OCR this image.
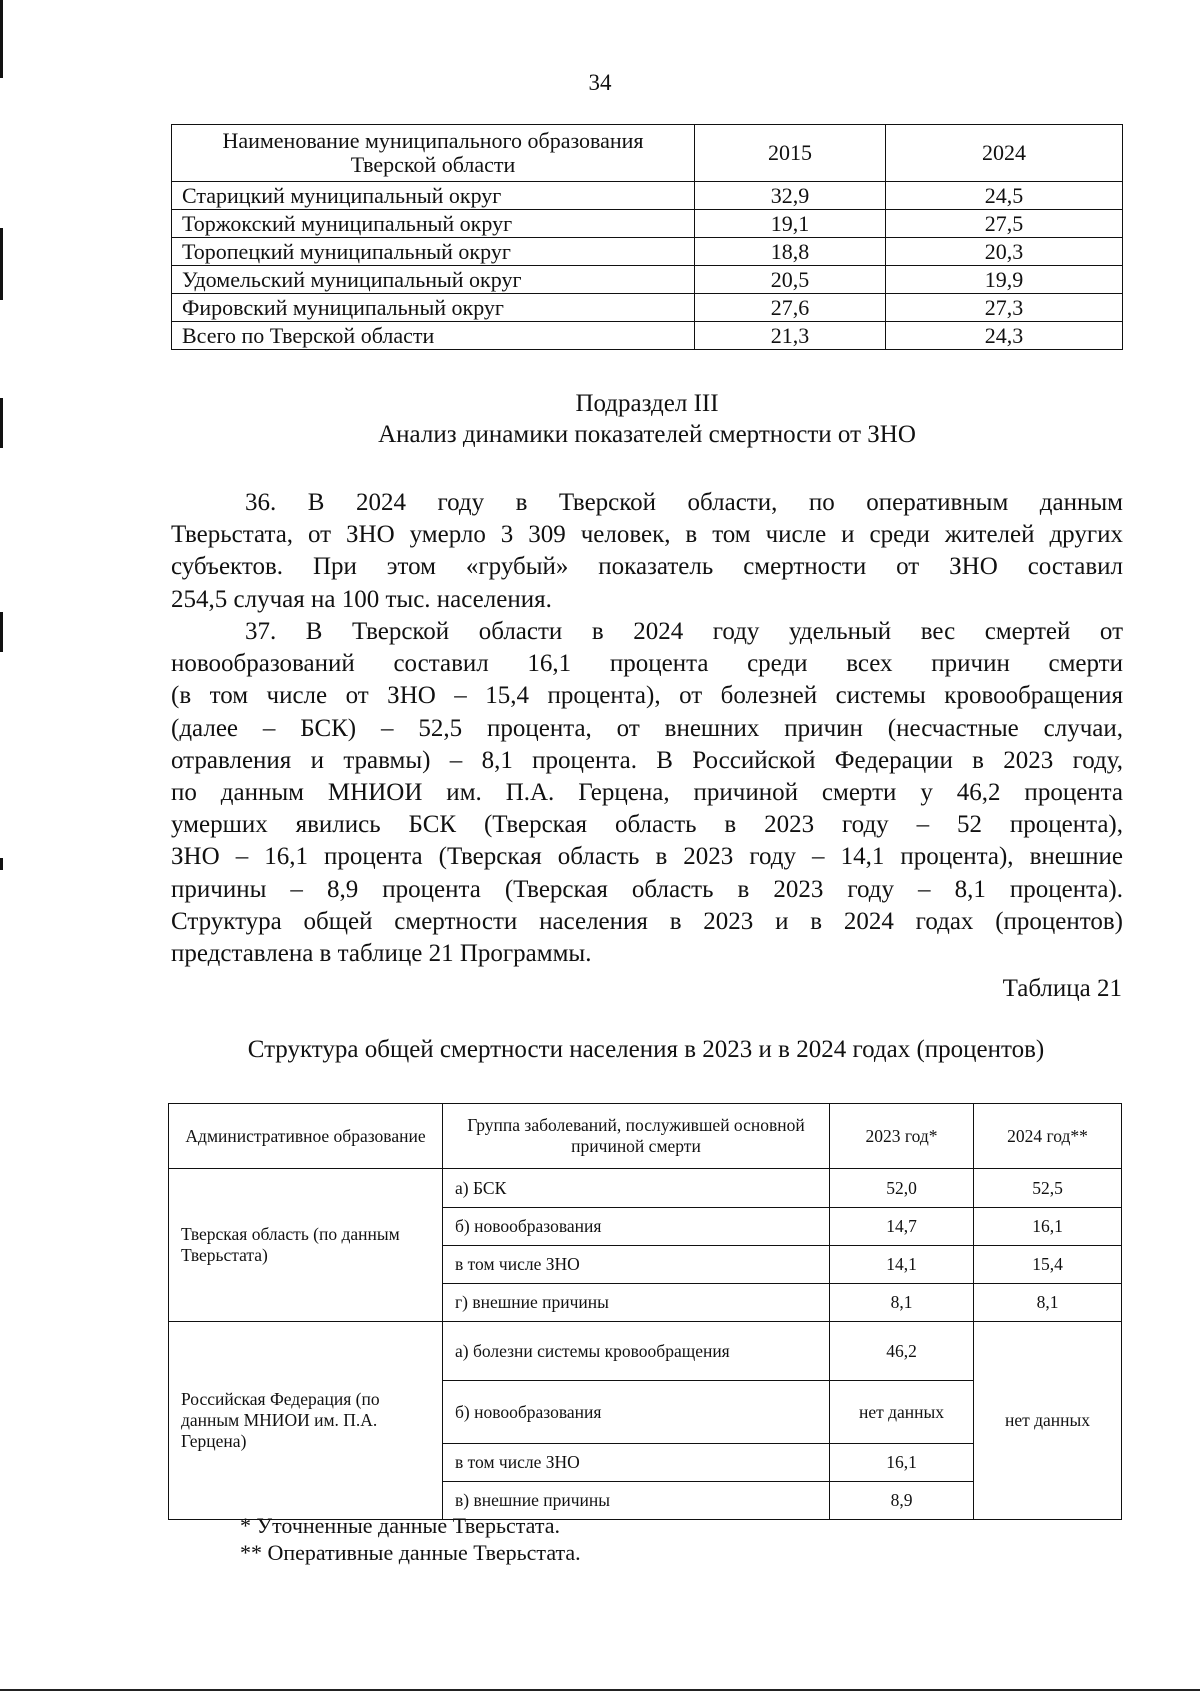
34
Наименование муниципального образования Тверской области	2015	2024
Старицкий муниципальный округ	32,9	24,5
Торжокский муниципальный округ	19,1	27,5
Торопецкий муниципальный округ	18,8	20,3
Удомельский муниципальный округ	20,5	19,9
Фировский муниципальный округ	27,6	27,3
Всего по Тверской области	21,3	24,3
Подраздел III
Анализ динамики показателей смертности от ЗНО
36. В 2024 году в Тверской области, по оперативным данным
Тверьстата, от ЗНО умерло 3 309 человек, в том числе и среди жителей других
субъектов. При этом «грубый» показатель смертности от ЗНО составил
254,5 случая на 100 тыс. населения.
37. В Тверской области в 2024 году удельный вес смертей от
новообразований составил 16,1 процента среди всех причин смерти
(в том числе от ЗНО – 15,4 процента), от болезней системы кровообращения
(далее – БСК) – 52,5 процента, от внешних причин (несчастные случаи,
отравления и травмы) – 8,1 процента. В Российской Федерации в 2023 году,
по данным МНИОИ им. П.А. Герцена, причиной смерти у 46,2 процента
умерших явились БСК (Тверская область в 2023 году – 52 процента),
ЗНО – 16,1 процента (Тверская область в 2023 году – 14,1 процента), внешние
причины – 8,9 процента (Тверская область в 2023 году – 8,1 процента).
Структура общей смертности населения в 2023 и в 2024 годах (процентов)
представлена в таблице 21 Программы.
Таблица 21
Структура общей смертности населения в 2023 и в 2024 годах (процентов)
Административное образование	Группа заболеваний, послужившей основной причиной смерти	2023 год*	2024 год**
Тверская область (по данным Тверьстата)	а) БСК	52,0	52,5
	б) новообразования	14,7	16,1
	в том числе ЗНО	14,1	15,4
	г) внешние причины	8,1	8,1
Российская Федерация (по данным МНИОИ им. П.А. Герцена)	а) болезни системы кровообращения	46,2	нет данных
	б) новообразования	нет данных	
	в том числе ЗНО	16,1	
	в) внешние причины	8,9	
* Уточненные данные Тверьстата.
** Оперативные данные Тверьстата.
